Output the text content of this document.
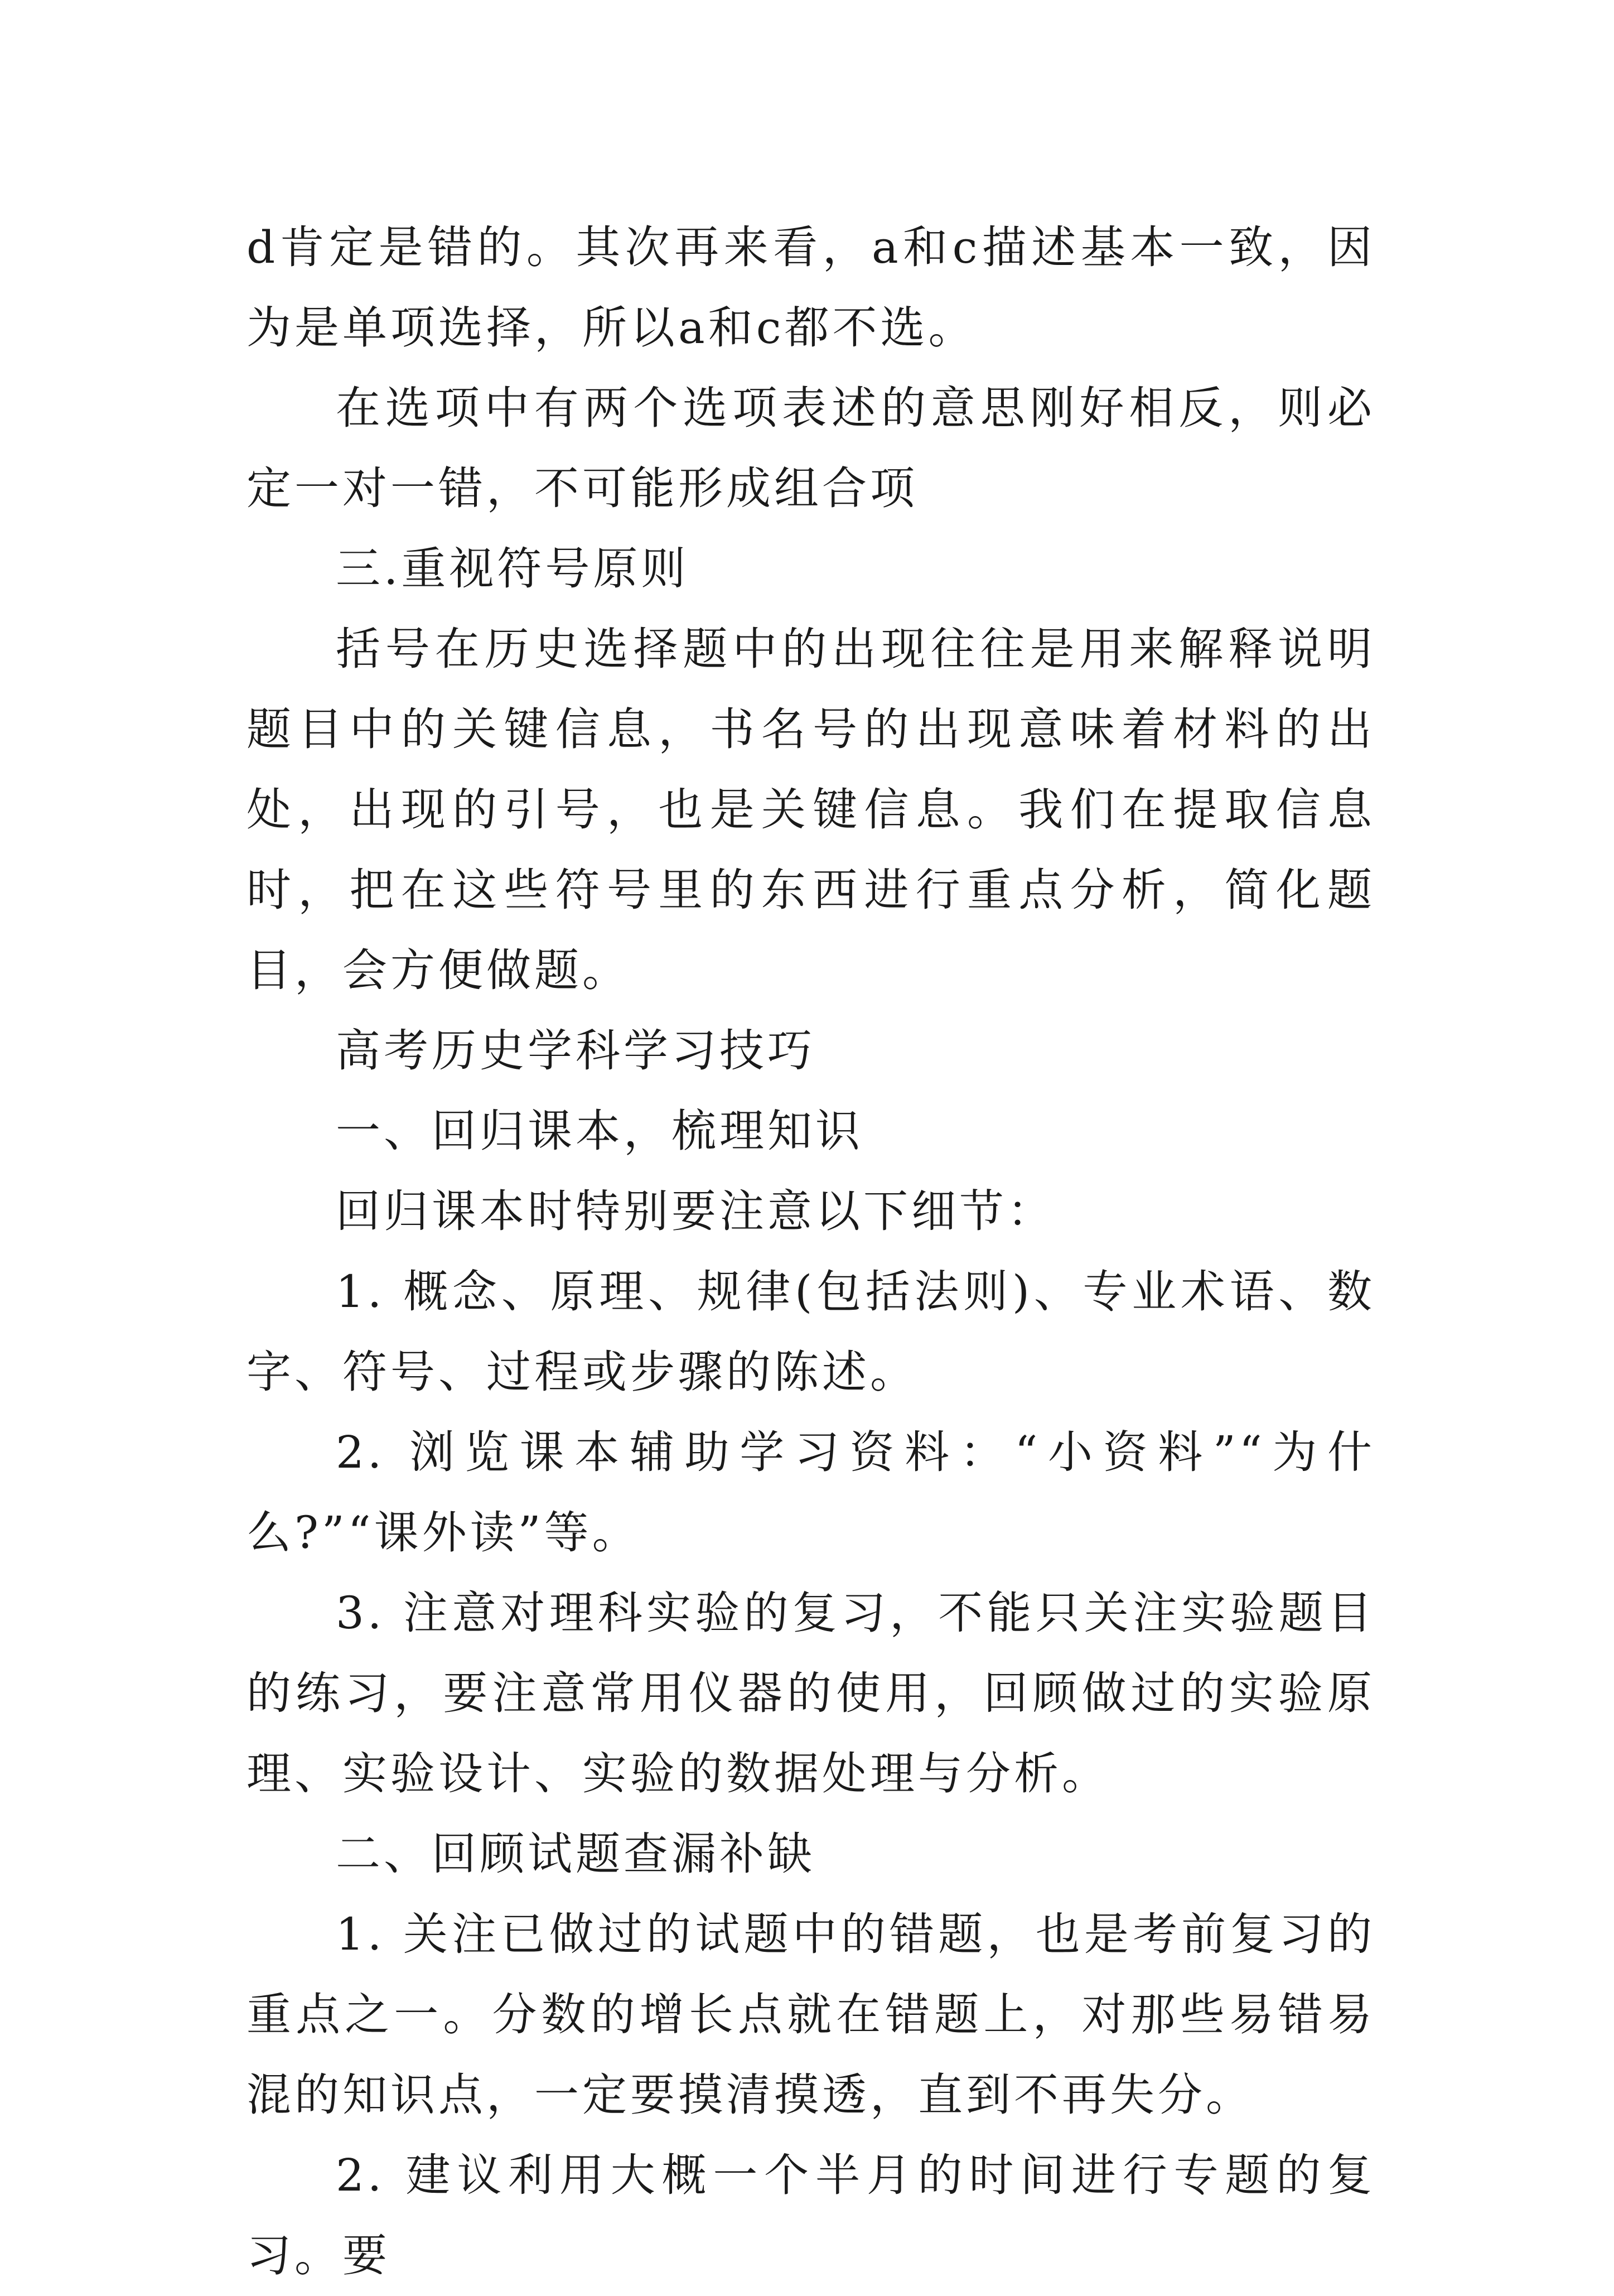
d肯定是错的。其次再来看，a和c描述基本一致，因为是单项选择，所以a和c都不选。

在选项中有两个选项表述的意思刚好相反，则必定一对一错，不可能形成组合项

三.重视符号原则

括号在历史选择题中的出现往往是用来解释说明题目中的关键信息，书名号的出现意味着材料的出处，出现的引号，也是关键信息。我们在提取信息时，把在这些符号里的东西进行重点分析，简化题目，会方便做题。

高考历史学科学习技巧

一、回归课本，梳理知识

回归课本时特别要注意以下细节：

1. 概念、原理、规律(包括法则)、专业术语、数字、符号、过程或步骤的陈述。

2. 浏览课本辅助学习资料：“小资料”“为什么?”“课外读”等。

3. 注意对理科实验的复习，不能只关注实验题目的练习，要注意常用仪器的使用，回顾做过的实验原理、实验设计、实验的数据处理与分析。

二、回顾试题查漏补缺

1. 关注已做过的试题中的错题，也是考前复习的重点之一。分数的增长点就在错题上，对那些易错易混的知识点，一定要摸清摸透，直到不再失分。

2. 建议利用大概一个半月的时间进行专题的复习。要
